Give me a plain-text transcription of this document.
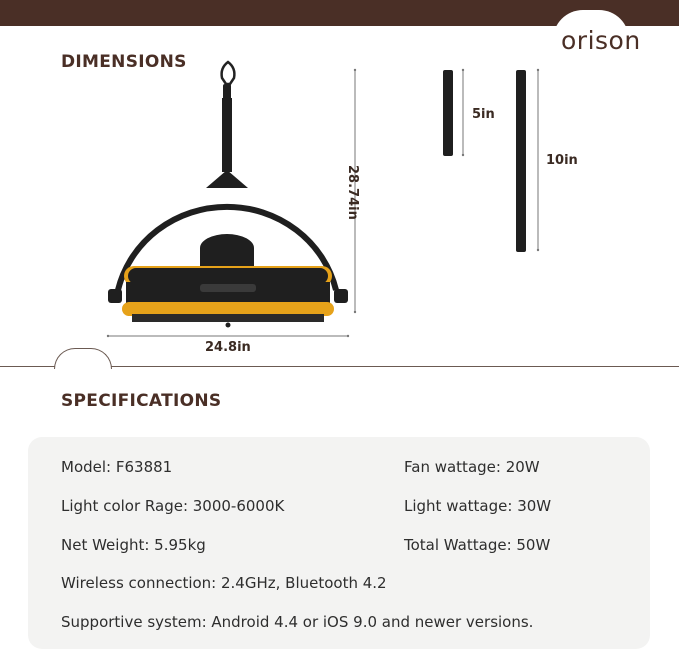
orison
DIMENSIONS
24.8in
28.74in
5in
10in
SPECIFICATIONS
Model: F63881	Fan wattage: 20W
Light color Rage: 3000-6000K	Light wattage: 30W
Net Weight: 5.95kg	Total Wattage: 50W
Wireless connection: 2.4GHz, Bluetooth 4.2
Supportive system: Android 4.4 or iOS 9.0 and newer versions.
